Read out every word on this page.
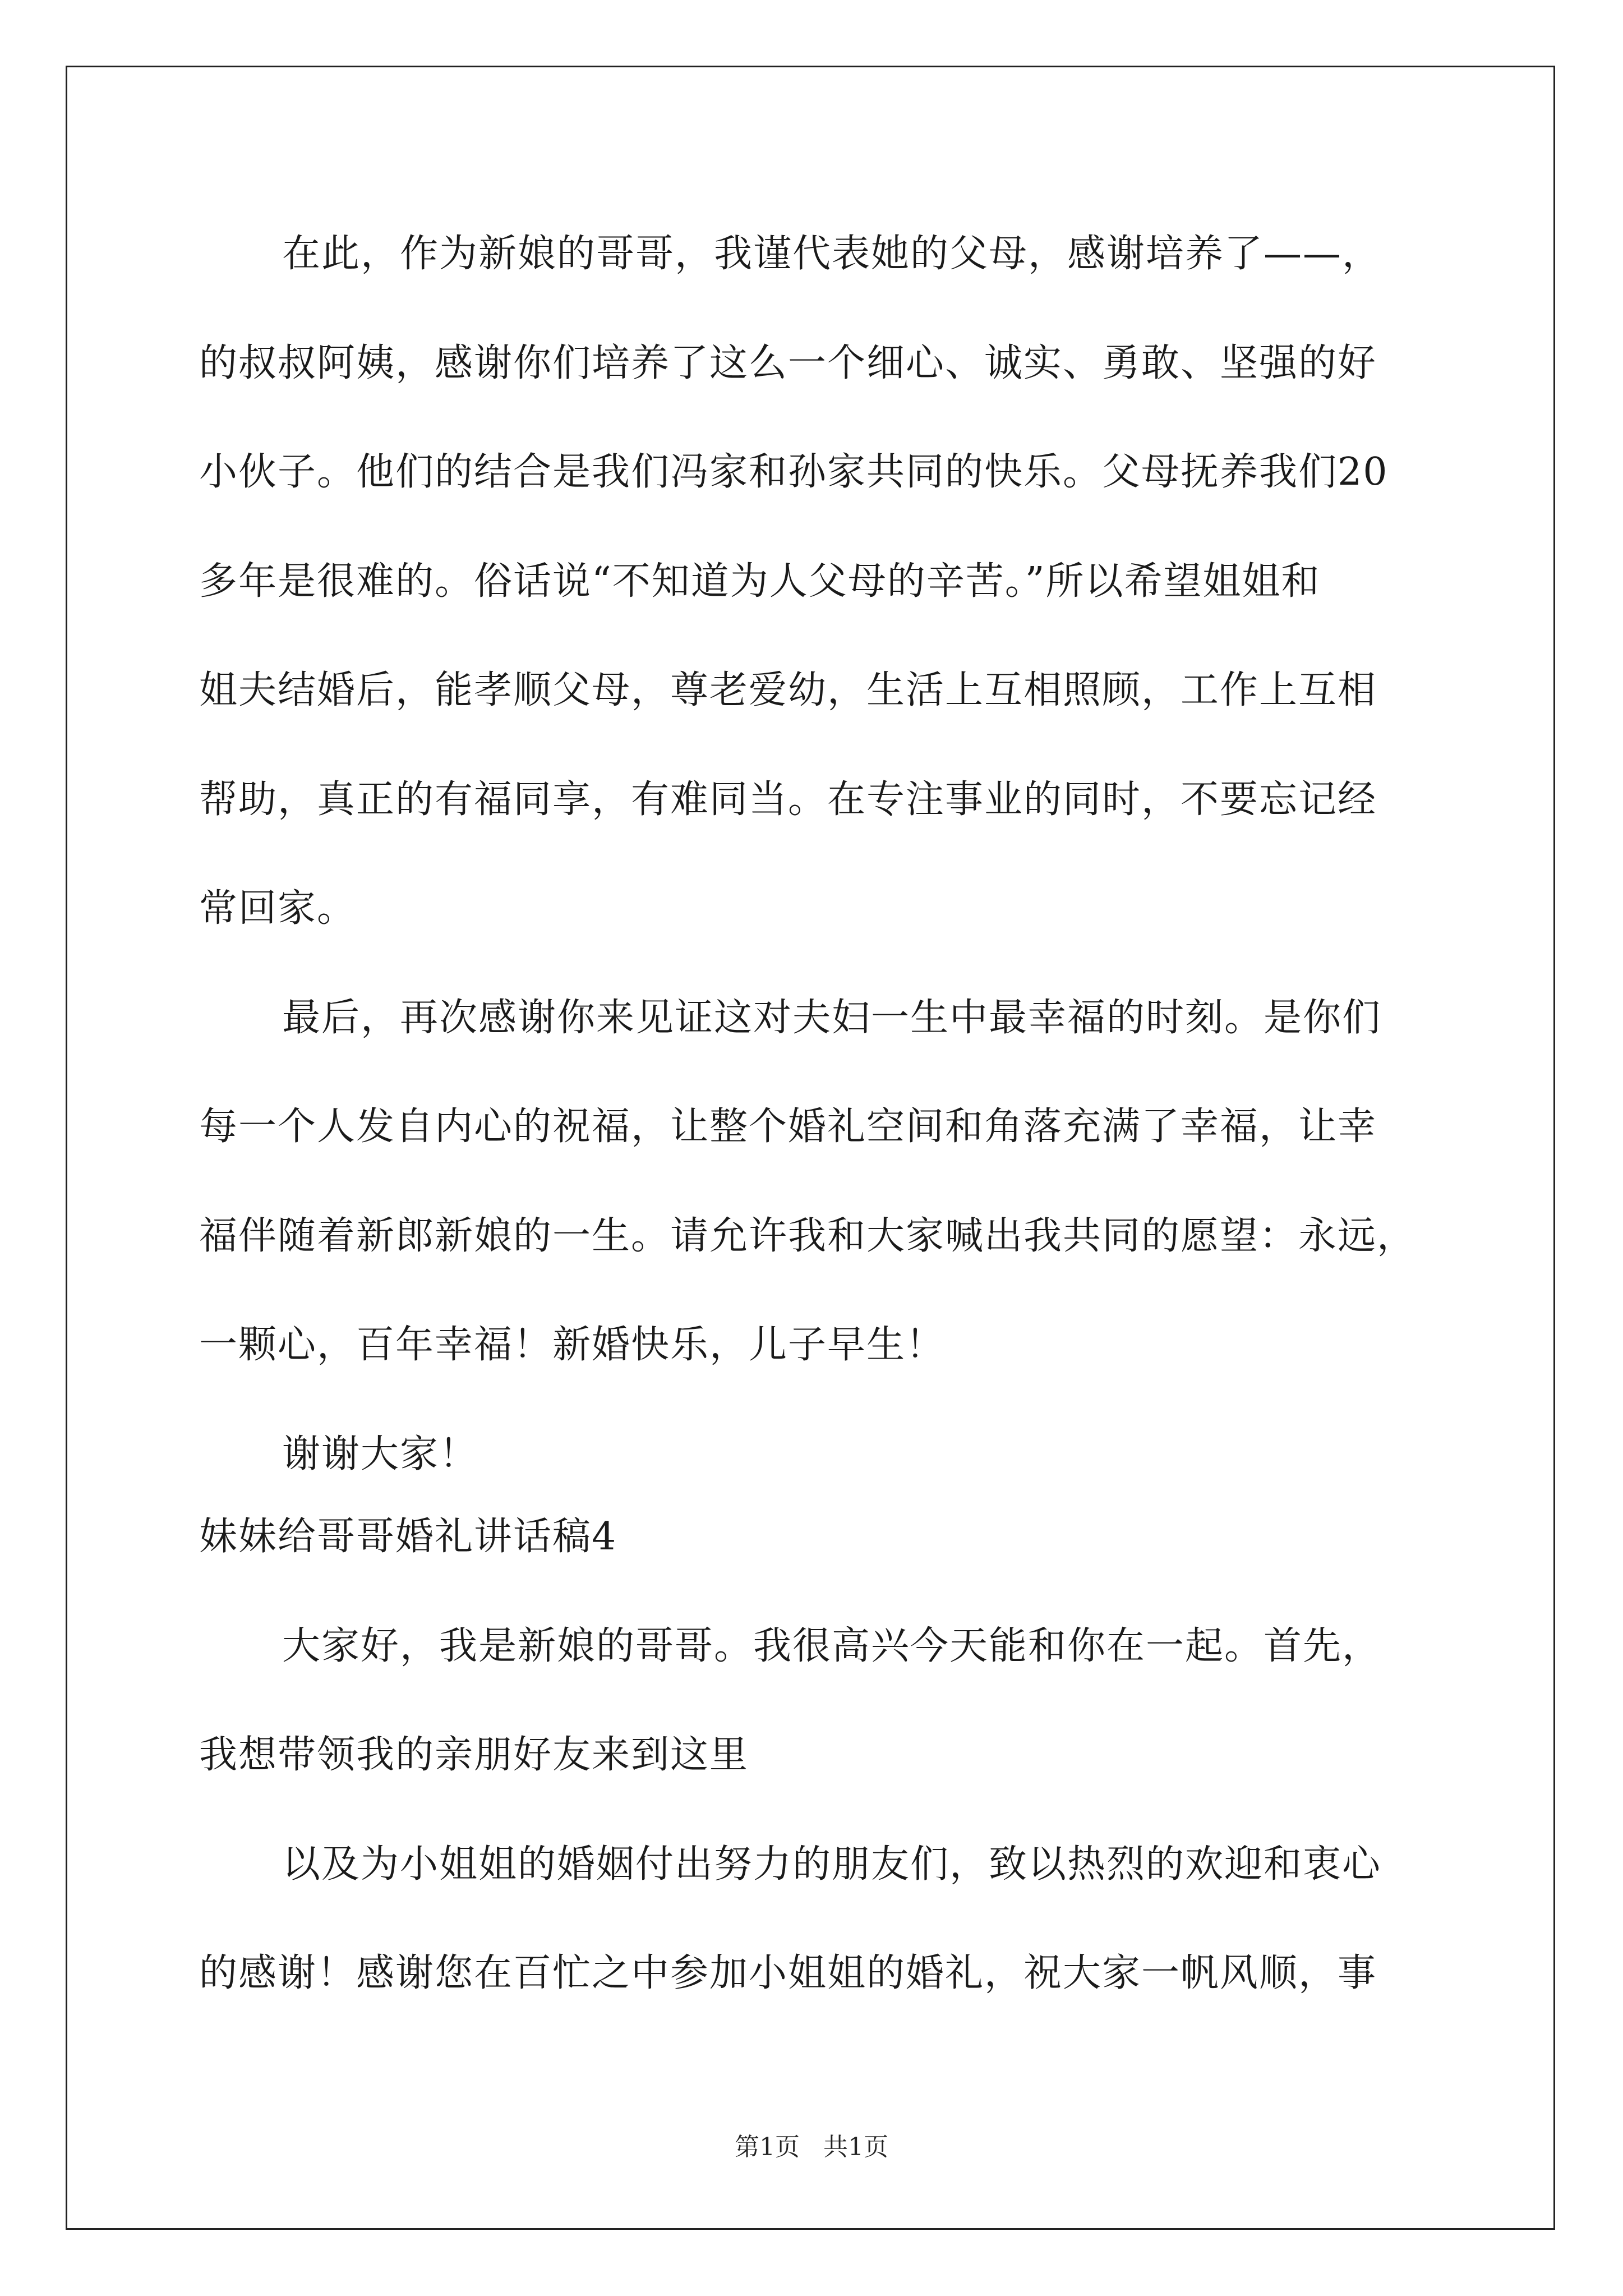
在此，作为新娘的哥哥，我谨代表她的父母，感谢培养了——，
的叔叔阿姨，感谢你们培养了这么一个细心、诚实、勇敢、坚强的好
小伙子。他们的结合是我们冯家和孙家共同的快乐。父母抚养我们20
多年是很难的。俗话说“不知道为人父母的辛苦。”所以希望姐姐和
姐夫结婚后，能孝顺父母，尊老爱幼，生活上互相照顾，工作上互相
帮助，真正的有福同享，有难同当。在专注事业的同时，不要忘记经
常回家。
最后，再次感谢你来见证这对夫妇一生中最幸福的时刻。是你们
每一个人发自内心的祝福，让整个婚礼空间和角落充满了幸福，让幸
福伴随着新郎新娘的一生。请允许我和大家喊出我共同的愿望：永远，
一颗心，百年幸福！新婚快乐，儿子早生！
谢谢大家！
妹妹给哥哥婚礼讲话稿4
大家好，我是新娘的哥哥。我很高兴今天能和你在一起。首先，
我想带领我的亲朋好友来到这里
以及为小姐姐的婚姻付出努力的朋友们，致以热烈的欢迎和衷心
的感谢！感谢您在百忙之中参加小姐姐的婚礼，祝大家一帆风顺，事
第1页   共1页
